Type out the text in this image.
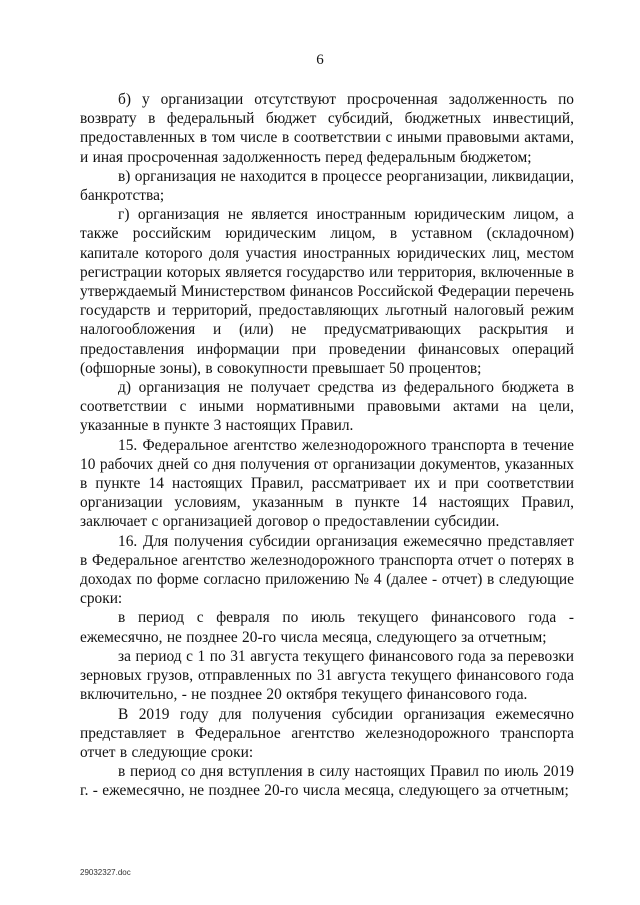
6

б) у организации отсутствуют просроченная задолженность по возврату в федеральный бюджет субсидий, бюджетных инвестиций, предоставленных в том числе в соответствии с иными правовыми актами, и иная просроченная задолженность перед федеральным бюджетом;

в) организация не находится в процессе реорганизации, ликвидации, банкротства;

г) организация не является иностранным юридическим лицом, а также российским юридическим лицом, в уставном (складочном) капитале которого доля участия иностранных юридических лиц, местом регистрации которых является государство или территория, включенные в утверждаемый Министерством финансов Российской Федерации перечень государств и территорий, предоставляющих льготный налоговый режим налогообложения и (или) не предусматривающих раскрытия и предоставления информации при проведении финансовых операций (офшорные зоны), в совокупности превышает 50 процентов;

д) организация не получает средства из федерального бюджета в соответствии с иными нормативными правовыми актами на цели, указанные в пункте 3 настоящих Правил.

15. Федеральное агентство железнодорожного транспорта в течение 10 рабочих дней со дня получения от организации документов, указанных в пункте 14 настоящих Правил, рассматривает их и при соответствии организации условиям, указанным в пункте 14 настоящих Правил, заключает с организацией договор о предоставлении субсидии.

16. Для получения субсидии организация ежемесячно представляет в Федеральное агентство железнодорожного транспорта отчет о потерях в доходах по форме согласно приложению № 4 (далее - отчет) в следующие сроки:

в период с февраля по июль текущего финансового года - ежемесячно, не позднее 20-го числа месяца, следующего за отчетным;

за период с 1 по 31 августа текущего финансового года за перевозки зерновых грузов, отправленных по 31 августа текущего финансового года включительно, - не позднее 20 октября текущего финансового года.

В 2019 году для получения субсидии организация ежемесячно представляет в Федеральное агентство железнодорожного транспорта отчет в следующие сроки:

в период со дня вступления в силу настоящих Правил по июль 2019 г. - ежемесячно, не позднее 20-го числа месяца, следующего за отчетным;

29032327.doc
